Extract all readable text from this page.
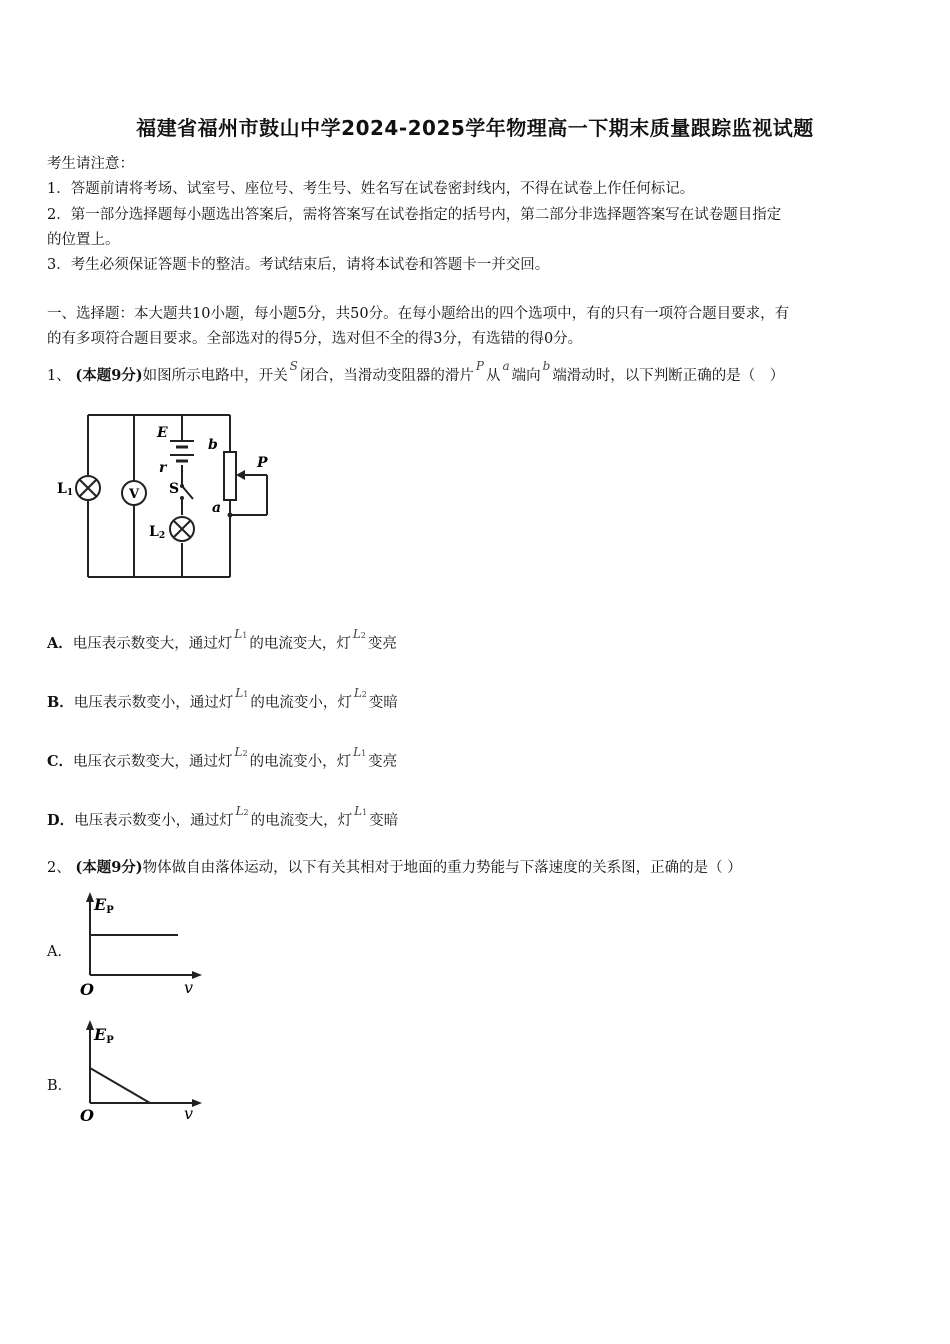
福建省福州市鼓山中学2024-2025学年物理高一下期末质量跟踪监视试题
考生请注意：
1．答题前请将考场、试室号、座位号、考生号、姓名写在试卷密封线内，不得在试卷上作任何标记。
2．第一部分选择题每小题选出答案后，需将答案写在试卷指定的括号内，第二部分非选择题答案写在试卷题目指定
的位置上。
3．考生必须保证答题卡的整洁。考试结束后，请将本试卷和答题卡一并交回。
一、选择题：本大题共10小题，每小题5分，共50分。在每小题给出的四个选项中，有的只有一项符合题目要求，有
的有多项符合题目要求。全部选对的得5分，选对但不全的得3分，有选错的得0分。
1、 (本题9分)如图所示电路中，开关$^S$闭合，当滑动变阻器的滑片$^P$从$^a$端向$^b$端滑动时，以下判断正确的是（　）
V
E
b
r
S
P
a
L1
L2
A．电压表示数变大，通过灯$^{L1}$的电流变大，灯$^{L2}$变亮
B．电压表示数变小，通过灯$^{L1}$的电流变小，灯$^{L2}$变暗
C．电压衣示数变大，通过灯$^{L2}$的电流变小，灯$^{L1}$变亮
D．电压表示数变小，通过灯$^{L2}$的电流变大，灯$^{L1}$变暗
2、 (本题9分)物体做自由落体运动，以下有关其相对于地面的重力势能与下落速度的关系图，正确的是（ ）
A．
EP
O	v
B．
EP
O	v
